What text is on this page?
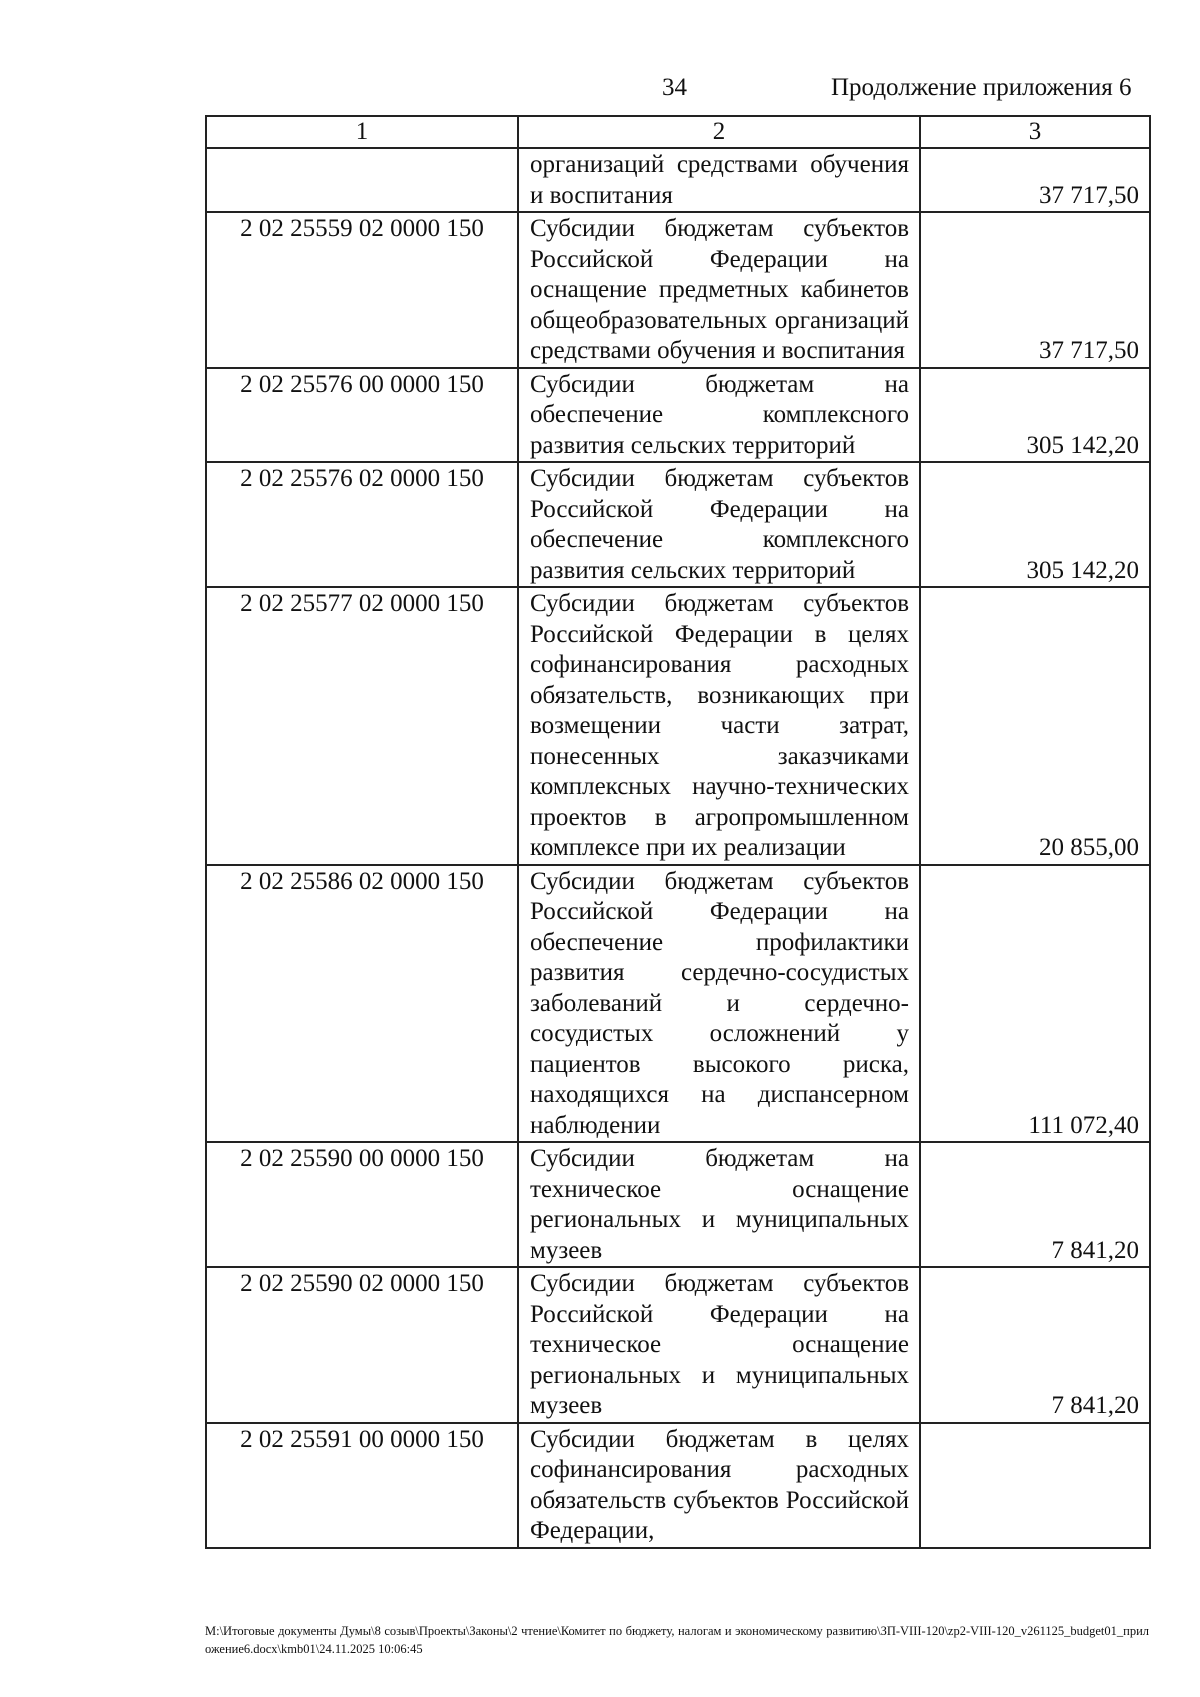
34	Продолжение приложения 6
1	2	3
	организаций средствами обучения и воспитания	37 717,50
2 02 25559 02 0000 150	Субсидии бюджетам субъектов Российской Федерации на оснащение предметных кабинетов общеобразовательных организаций средствами обучения и воспитания	37 717,50
2 02 25576 00 0000 150	Субсидии бюджетам на обеспечение комплексного развития сельских территорий	305 142,20
2 02 25576 02 0000 150	Субсидии бюджетам субъектов Российской Федерации на обеспечение комплексного развития сельских территорий	305 142,20
2 02 25577 02 0000 150	Субсидии бюджетам субъектов Российской Федерации в целях софинансирования расходных обязательств, возникающих при возмещении части затрат, понесенных заказчиками комплексных научно-технических проектов в агропромышленном комплексе при их реализации	20 855,00
2 02 25586 02 0000 150	Субсидии бюджетам субъектов Российской Федерации на обеспечение профилактики развития сердечно-сосудистых заболеваний и сердечно-сосудистых осложнений у пациентов высокого риска, находящихся на диспансерном наблюдении	111 072,40
2 02 25590 00 0000 150	Субсидии бюджетам на техническое оснащение региональных и муниципальных музеев	7 841,20
2 02 25590 02 0000 150	Субсидии бюджетам субъектов Российской Федерации на техническое оснащение региональных и муниципальных музеев	7 841,20
2 02 25591 00 0000 150	Субсидии бюджетам в целях софинансирования расходных обязательств субъектов Российской Федерации,	
М:\Итоговые документы Думы\8 созыв\Проекты\Законы\2 чтение\Комитет по бюджету, налогам и экономическому развитию\ЗП-VIII-120\zp2-VIII-120_v261125_budget01_приложение6.docx\kmb01\24.11.2025 10:06:45
